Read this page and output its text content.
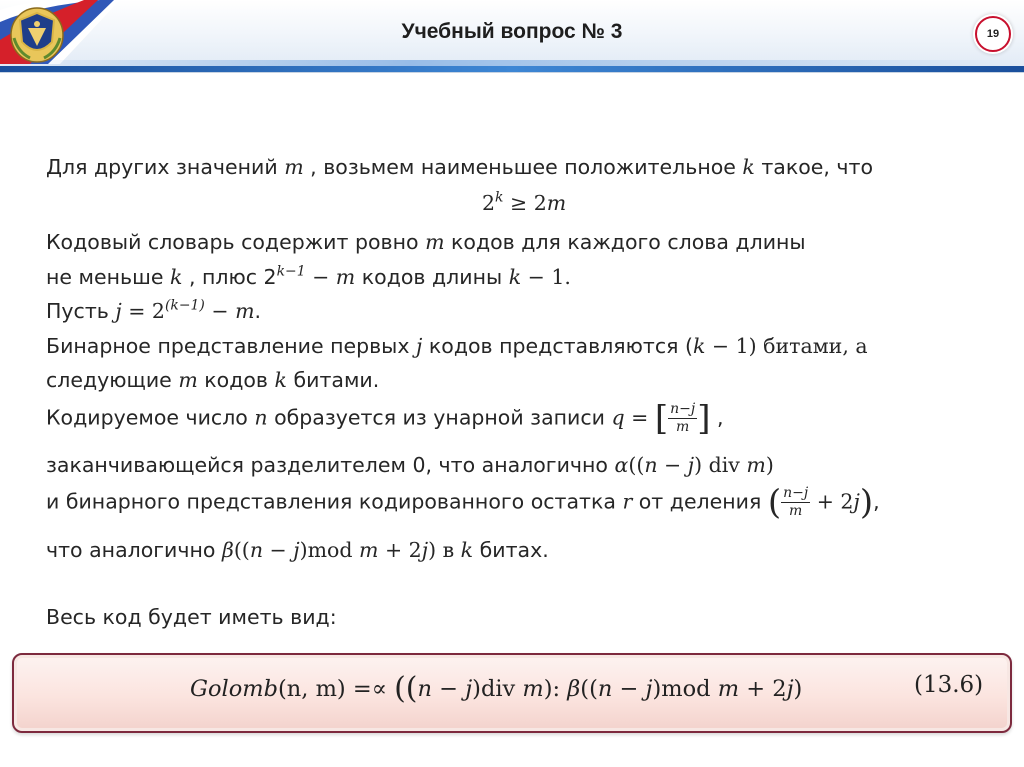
Учебный вопрос № 3	19
Для других значений m , возьмем наименьшее положительное k такое, что
$2^k \ge 2m$
Кодовый словарь содержит ровно m кодов для каждого слова длины
не меньше k , плюс $2^{k-1} - m$ кодов длины k − 1.
Пусть $j = 2^{(k-1)} - m$.
Бинарное представление первых j кодов представляются (k − 1) битами, а
следующие m кодов k битами.
Кодируемое число n образуется из унарной записи q = [ $\frac{n-j}{m}$ ] ,
заканчивающейся разделителем 0, что аналогично α((n − j) div m)
и бинарного представления кодированного остатка r от деления ( $\frac{n-j}{m} + 2j$),
что аналогично β((n − j)mod m + 2j) в k битах.
Весь код будет иметь вид:
Golomb(n, m) =∝ ((n − j)div m): β((n − j)mod m + 2j)	(13.6)
